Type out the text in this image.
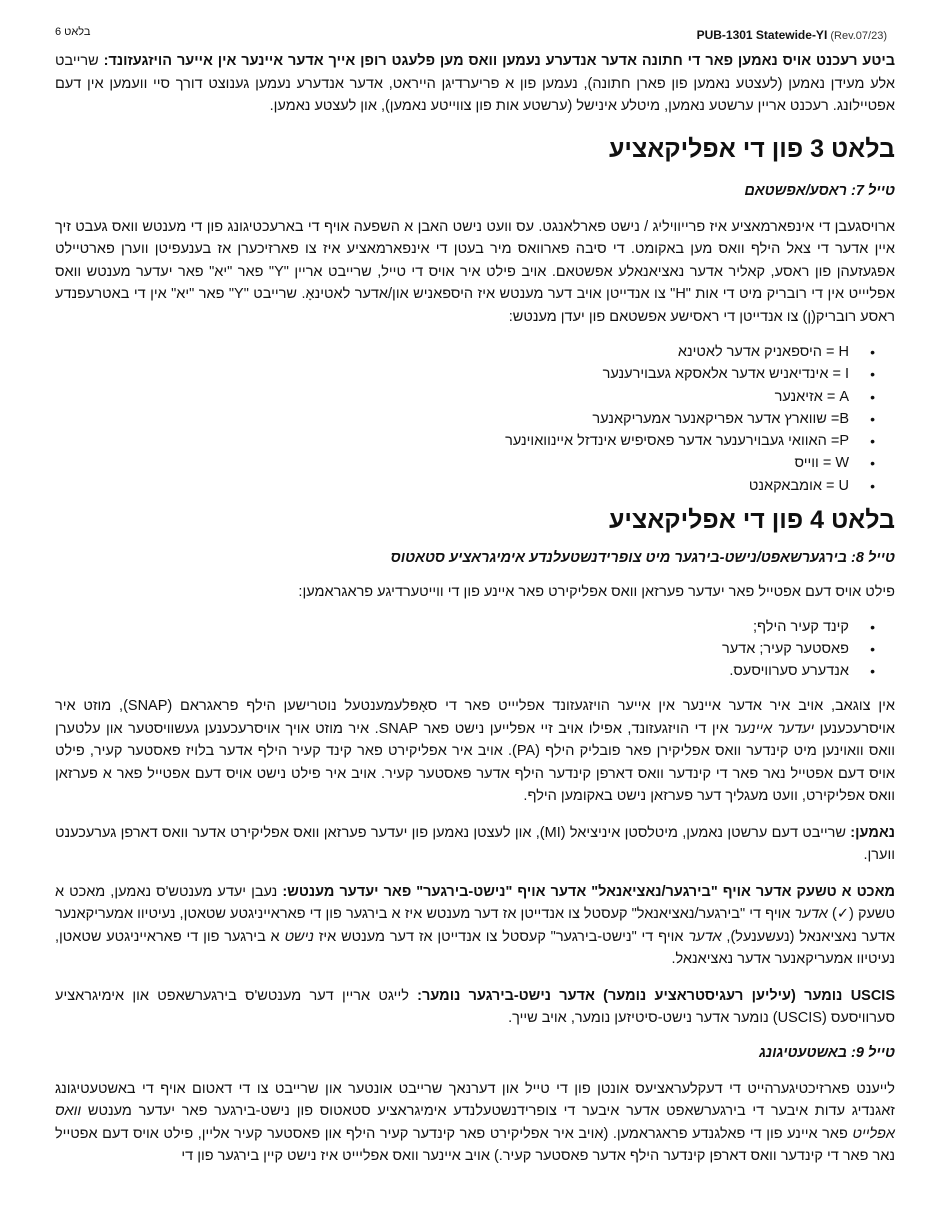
בלאט 6	PUB-1301 Statewide-YI (Rev.07/23)

ביטע רעכנט אויס נאמען פאר די חתונה אדער אנדערע נעמען וואס מען פלעגט רופן אייך אדער איינער אין אייער הויזגעזונד: שרייבט אלע מעידן נאמען (לעצטע נאמען פון פארן חתונה), נעמען פון א פריערדיגן הייראט, אדער אנדערע נעמען גענוצט דורך סיי וועמען אין דעם אפטיילונג. רעכנט אריין ערשטע נאמען, מיטלע אינישל (ערשטע אות פון צווייטע נאמען), און לעצטע נאמען.

בלאט 3 פון די אפליקאציע
טייל 7: ראסע/אפשטאם

ארויסגעבן די אינפארמאציע איז פרייוויליג / נישט פארלאנגט. עס וועט נישט האבן א השפעה אויף די בארעכטיגונג פון די מענטש וואס געבט זיך איין אדער די צאל הילף וואס מען באקומט. די סיבה פארוואס מיר בעטן די אינפארמאציע איז צו פארזיכערן אז בענעפיטן ווערן פארטיילט אפגעזעהן פון ראסע, קאליר אדער נאציאנאלע אפשטאם. אויב פילט איר אויס די טייל, שרייבט אריין "Y" פאר "יא" פאר יעדער מענטש וואס אפליייט אין די רובריק מיט די אות "H" צו אנדייטן אויב דער מענטש איז היספאניש און/אדער לאטינאָ. שרייבט "Y" פאר "יא" אין די באטרעפנדע ראסע רובריק(ן) צו אנדייטן די ראסישע אפשטאם פון יעדן מענטש:

• H = היספאניק אדער לאטינא
• I = אינדיאניש אדער אלאסקא געבוירענער
• A = אזיאנער
• B= שווארץ אדער אפריקאנער אמעריקאנער
• P= האוואי געבוירענער אדער פאסיפיש אינדזל איינוואוינער
• W = ווייס
• U = אומבאקאנט
בלאט 4 פון די אפליקאציע
טייל 8: בירגערשאפט/נישט-בירגער מיט צופרידנשטעלנדע אימיגראציע סטאטוס

פילט אויס דעם אפטייל פאר יעדער פערזאן וואס אפליקירט פאר איינע פון די ווייטערדיגע פראגראמען:

• קינד קעיר הילף;
• פאסטער קעיר; אדער
• אנדערע סערוויסעס.

אין צוגאב, אויב איר אדער איינער אין אייער הויזגעזונד אפליייט פאר די סאָפּלעמענטעל נוטרישען הילף פראגראם (SNAP), מוזט איר אויסרעכענען יעדער איינער אין די הויזגעזונד, אפילו אויב זיי אפלייען נישט פאר SNAP. איר מוזט אויך אויסרעכענען געשוויסטער און עלטערן וואס וואוינען מיט קינדער וואס אפליקירן פאר פובליק הילף (PA). אויב איר אפליקירט פאר קינד קעיר הילף אדער בלויז פאסטער קעיר, פילט אויס דעם אפטייל נאר פאר די קינדער וואס דארפן קינדער הילף אדער פאסטער קעיר. אויב איר פילט נישט אויס דעם אפטייל פאר א פערזאן וואס אפליקירט, וועט מעגליך דער פערזאן נישט באקומען הילף.

נאמען: שרייבט דעם ערשטן נאמען, מיטלסטן איניציאל (MI), און לעצטן נאמען פון יעדער פערזאן וואס אפליקירט אדער וואס דארפן גערעכענט ווערן.

מאכט א טשעק אדער אויף "בירגער/נאציאנאל" אדער אויף "נישט-בירגער" פאר יעדער מענטש: נעבן יעדע מענטש'ס נאמען, מאכט א טשעק (✓) אדער אויף די "בירגער/נאציאנאל" קעסטל צו אנדייטן אז דער מענטש איז א בירגער פון די פאראייניגטע שטאטן, נעיטיוו אמעריקאנער אדער נאציאנאל (נעשענעל), אדער אויף די "נישט-בירגער" קעסטל צו אנדייטן אז דער מענטש איז נישט א בירגער פון די פאראייניגטע שטאטן, נעיטיוו אמעריקאנער אדער נאציאנאל.

USCIS נומער (עיליען רעגיסטראציע נומער) אדער נישט-בירגער נומער: לייגט אריין דער מענטש'ס בירגערשאפט און אימיגראציע סערוויסעס (USCIS) נומער אדער נישט-סיטיזען נומער, אויב שייך.

טייל 9: באשטעטיגונג

לייענט פארזיכטיגערהייט די דעקלעראציעס אונטן פון די טייל און דערנאך שרייבט אונטער און שרייבט צו די דאטום אויף די באשטעטיגונג זאגנדיג עדות איבער די בירגערשאפט אדער איבער די צופרידנשטעלנדע אימיגראציע סטאטוס פון נישט-בירגער פאר יעדער מענטש וואס אפלייט פאר איינע פון די פאלגנדע פראגראמען. (אויב איר אפליקירט פאר קינדער קעיר הילף און פאסטער קעיר אליין, פילט אויס דעם אפטייל נאר פאר די קינדער וואס דארפן קינדער הילף אדער פאסטער קעיר.) אויב איינער וואס אפליייט איז נישט קיין בירגער פון די
